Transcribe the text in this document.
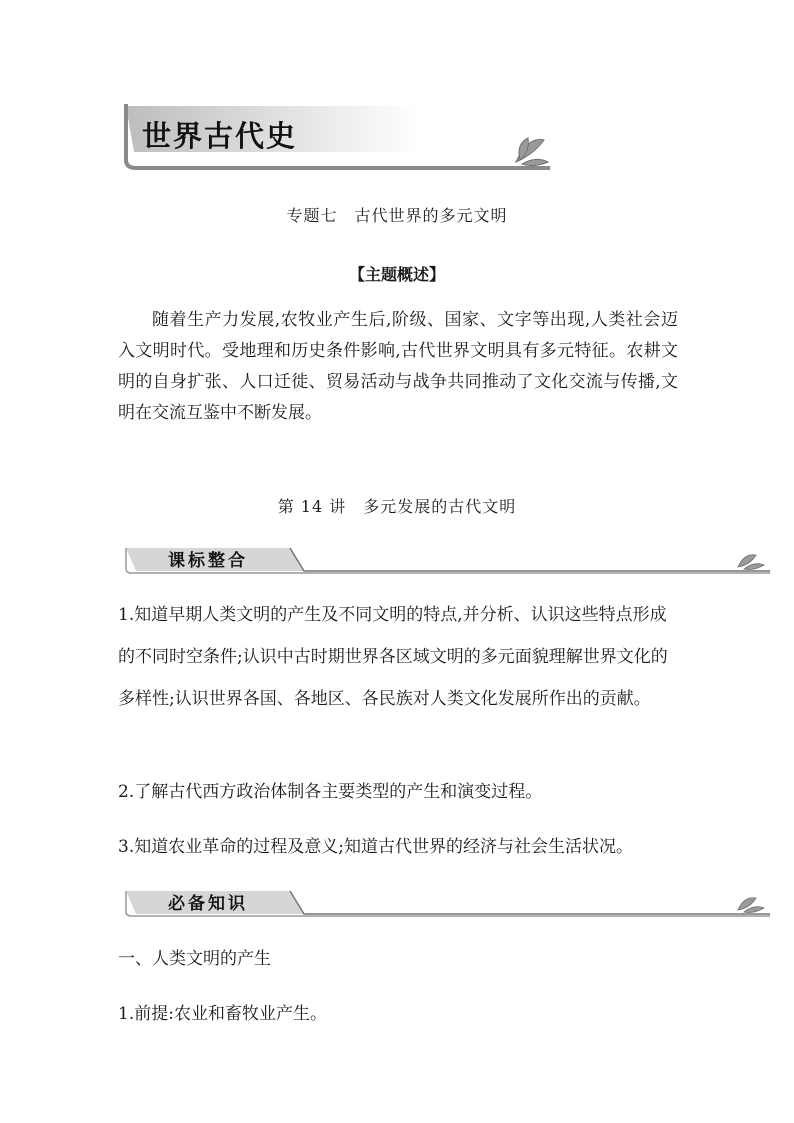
世界古代史
专题七　古代世界的多元文明
【主题概述】

随着生产力发展,农牧业产生后,阶级、国家、文字等出现,人类社会迈入文明时代。受地理和历史条件影响,古代世界文明具有多元特征。农耕文明的自身扩张、人口迁徙、贸易活动与战争共同推动了文化交流与传播,文明在交流互鉴中不断发展。

第 14 讲　多元发展的古代文明
课标整合

1.知道早期人类文明的产生及不同文明的特点,并分析、认识这些特点形成的不同时空条件;认识中古时期世界各区域文明的多元面貌理解世界文化的多样性;认识世界各国、各地区、各民族对人类文化发展所作出的贡献。

2.了解古代西方政治体制各主要类型的产生和演变过程。

3.知道农业革命的过程及意义;知道古代世界的经济与社会生活状况。

必备知识

一、人类文明的产生

1.前提:农业和畜牧业产生。
